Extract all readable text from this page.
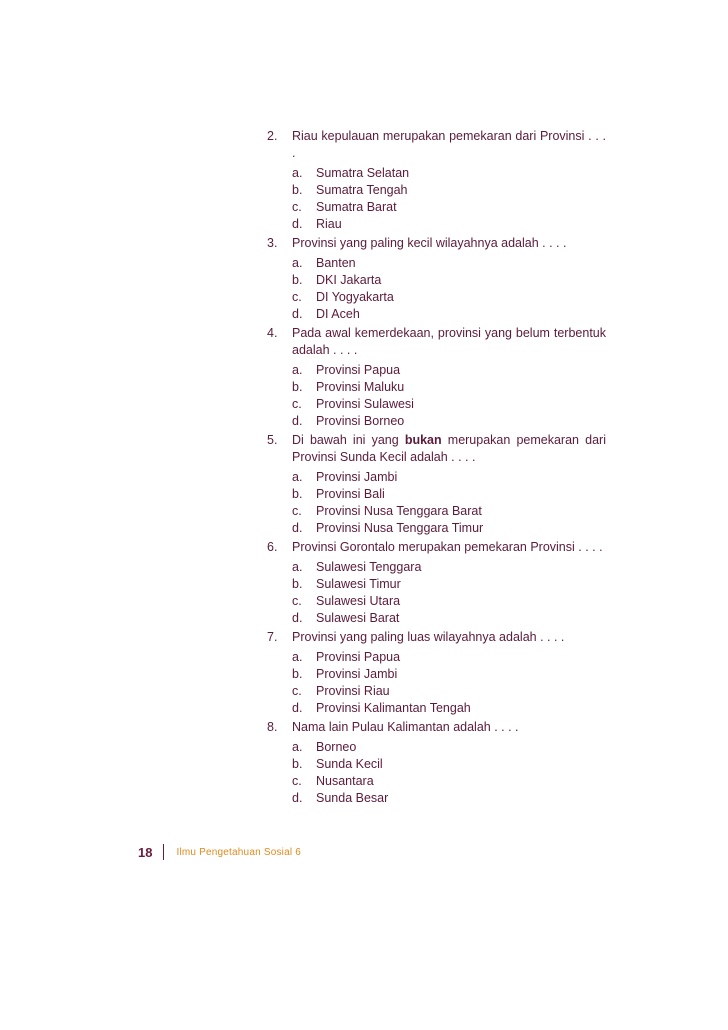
2.	Riau kepulauan merupakan pemekaran dari Provinsi . . . .
a.	Sumatra Selatan
b.	Sumatra Tengah
c.	Sumatra Barat
d.	Riau
3.	Provinsi yang paling kecil wilayahnya adalah . . . .
a.	Banten
b.	DKI Jakarta
c.	DI Yogyakarta
d.	DI Aceh
4.	Pada awal kemerdekaan, provinsi yang belum terbentuk adalah . . . .
a.	Provinsi Papua
b.	Provinsi Maluku
c.	Provinsi Sulawesi
d.	Provinsi Borneo
5.	Di bawah ini yang bukan merupakan pemekaran dari Provinsi Sunda Kecil adalah . . . .
a.	Provinsi Jambi
b.	Provinsi Bali
c.	Provinsi Nusa Tenggara Barat
d.	Provinsi Nusa Tenggara Timur
6.	Provinsi Gorontalo merupakan pemekaran Provinsi . . . .
a.	Sulawesi Tenggara
b.	Sulawesi Timur
c.	Sulawesi Utara
d.	Sulawesi Barat
7.	Provinsi yang paling luas wilayahnya adalah . . . .
a.	Provinsi Papua
b.	Provinsi Jambi
c.	Provinsi Riau
d.	Provinsi Kalimantan Tengah
8.	Nama lain Pulau Kalimantan adalah . . . .
a.	Borneo
b.	Sunda Kecil
c.	Nusantara
d.	Sunda Besar
18 Ilmu Pengetahuan Sosial 6
